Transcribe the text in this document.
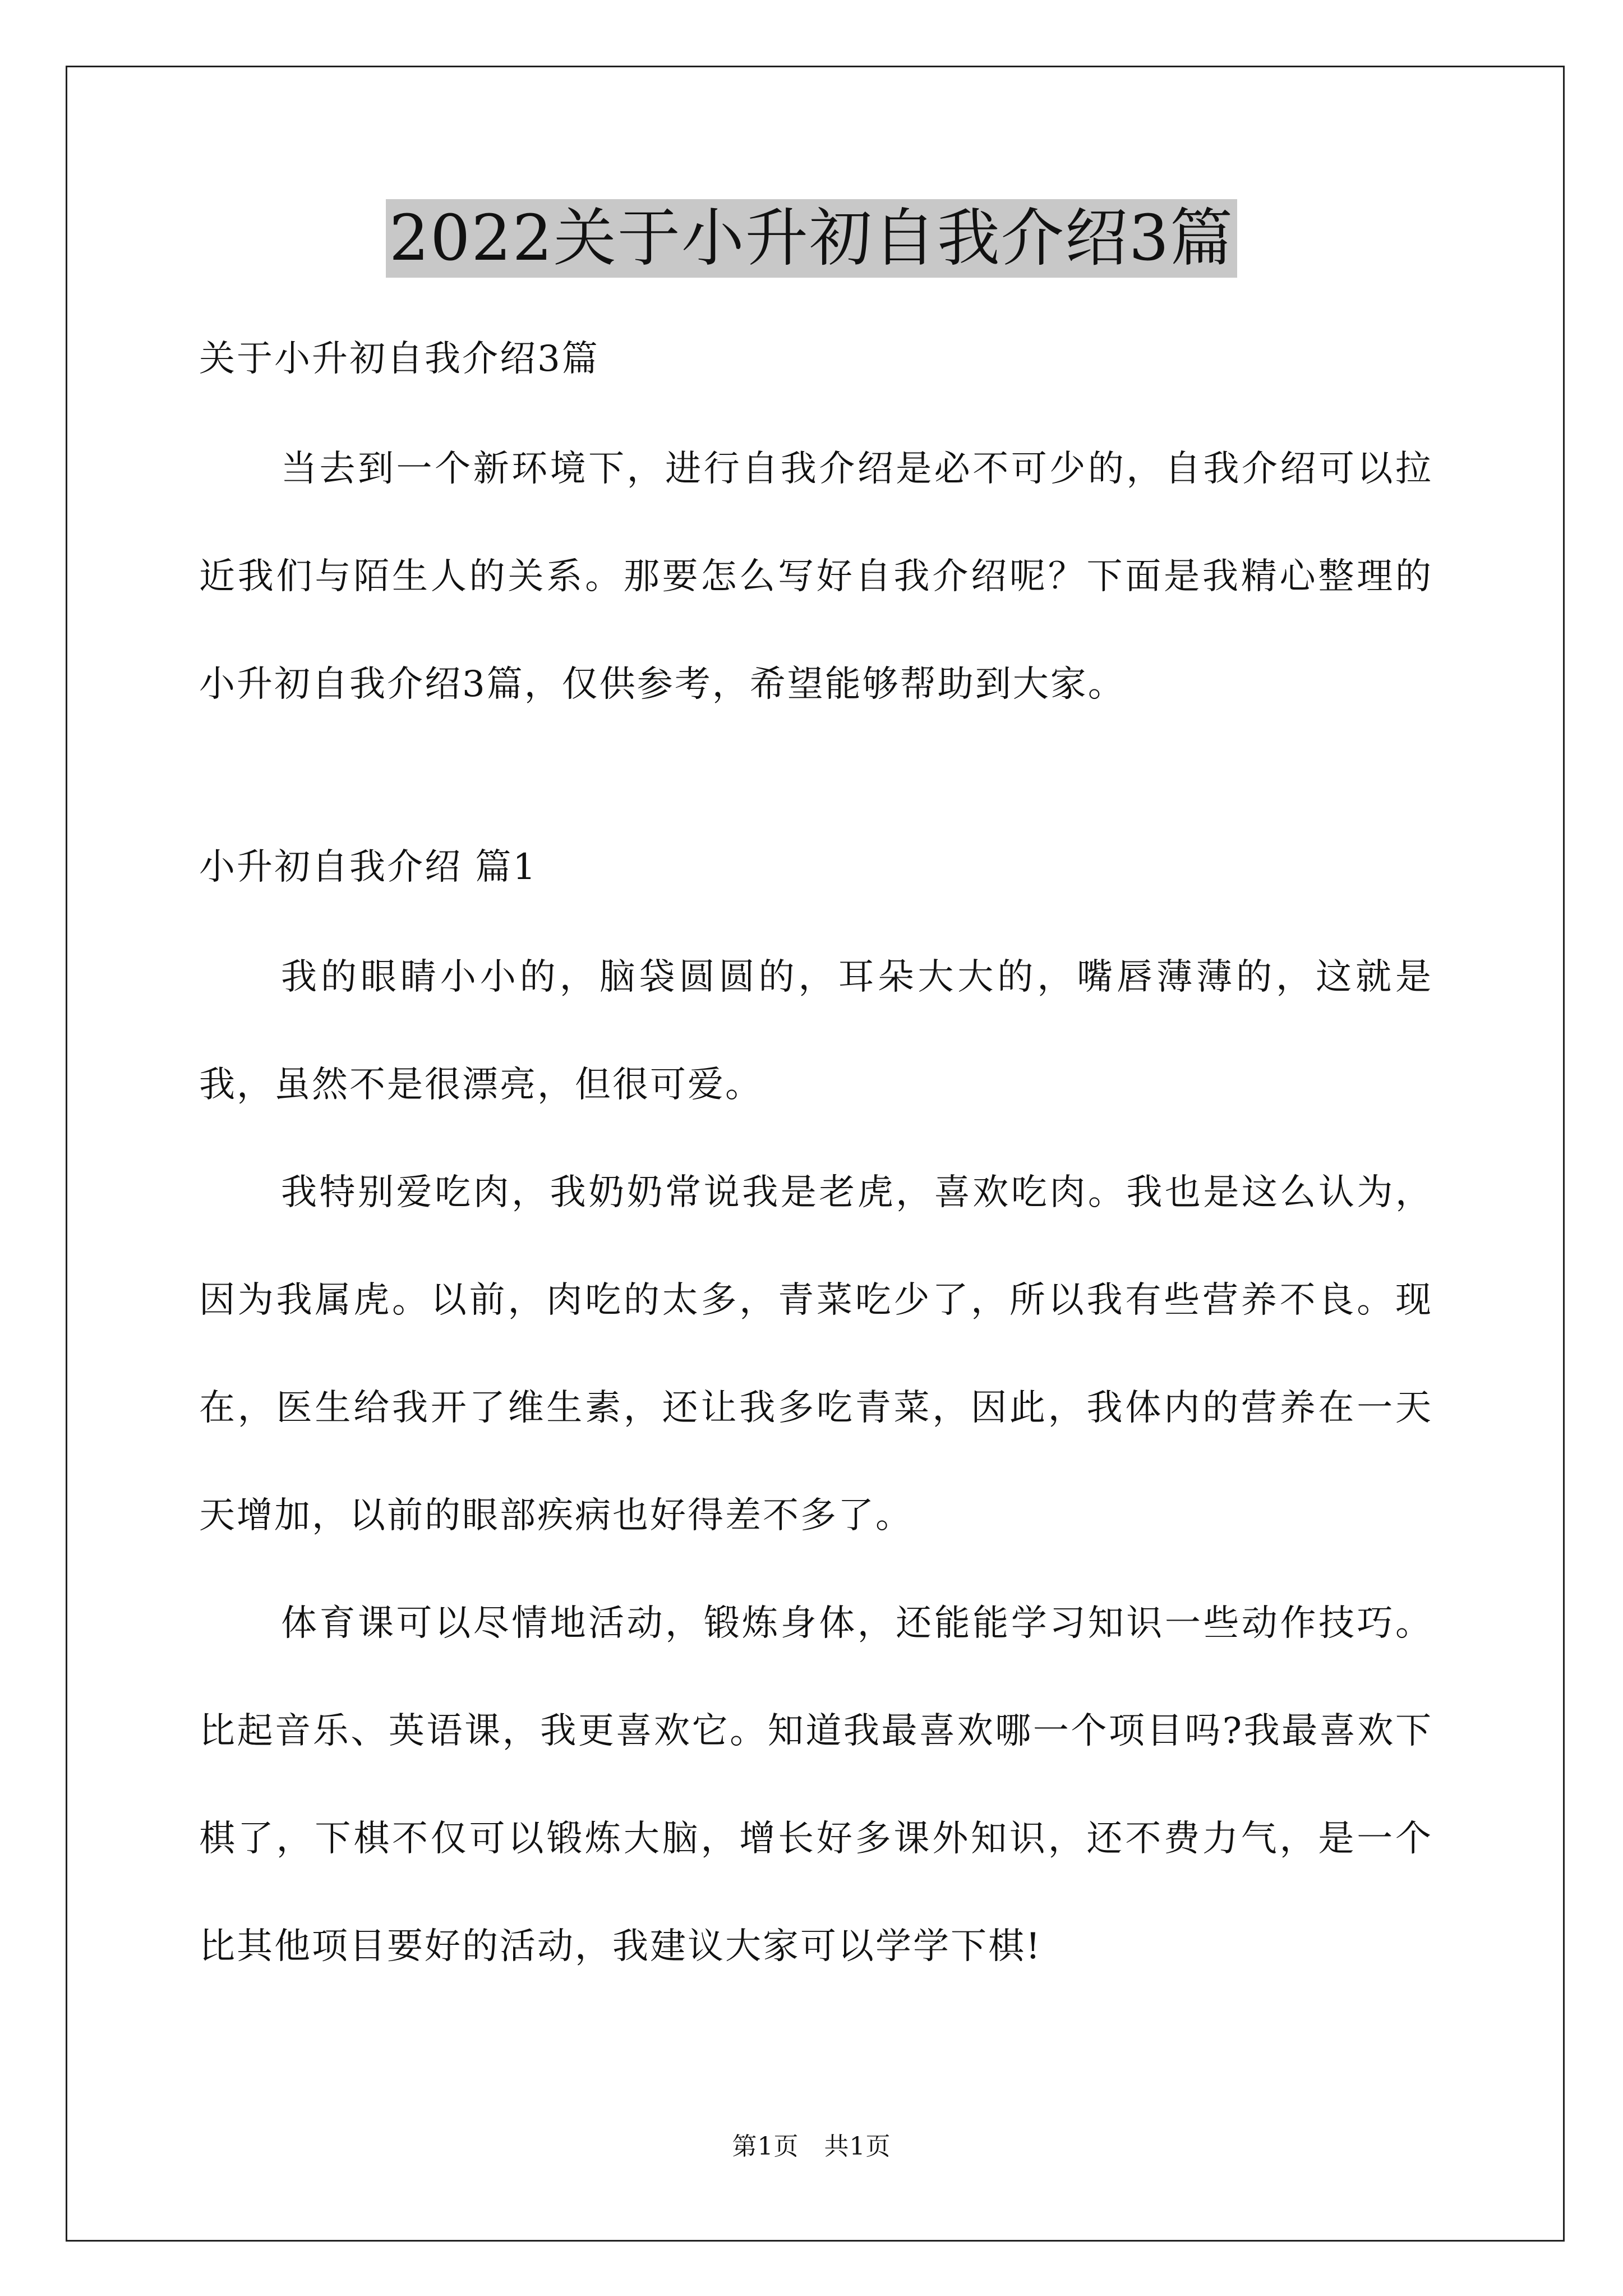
2022关于小升初自我介绍3篇

关于小升初自我介绍3篇

当去到一个新环境下，进行自我介绍是必不可少的，自我介绍可以拉近我们与陌生人的关系。那要怎么写好自我介绍呢？下面是我精心整理的小升初自我介绍3篇，仅供参考，希望能够帮助到大家。

小升初自我介绍 篇1

我的眼睛小小的，脑袋圆圆的，耳朵大大的，嘴唇薄薄的，这就是我，虽然不是很漂亮，但很可爱。

我特别爱吃肉，我奶奶常说我是老虎，喜欢吃肉。我也是这么认为，因为我属虎。以前，肉吃的太多，青菜吃少了，所以我有些营养不良。现在，医生给我开了维生素，还让我多吃青菜，因此，我体内的营养在一天天增加，以前的眼部疾病也好得差不多了。

体育课可以尽情地活动，锻炼身体，还能能学习知识一些动作技巧。比起音乐、英语课，我更喜欢它。知道我最喜欢哪一个项目吗?我最喜欢下棋了，下棋不仅可以锻炼大脑，增长好多课外知识，还不费力气，是一个比其他项目要好的活动，我建议大家可以学学下棋!

第1页　共1页
